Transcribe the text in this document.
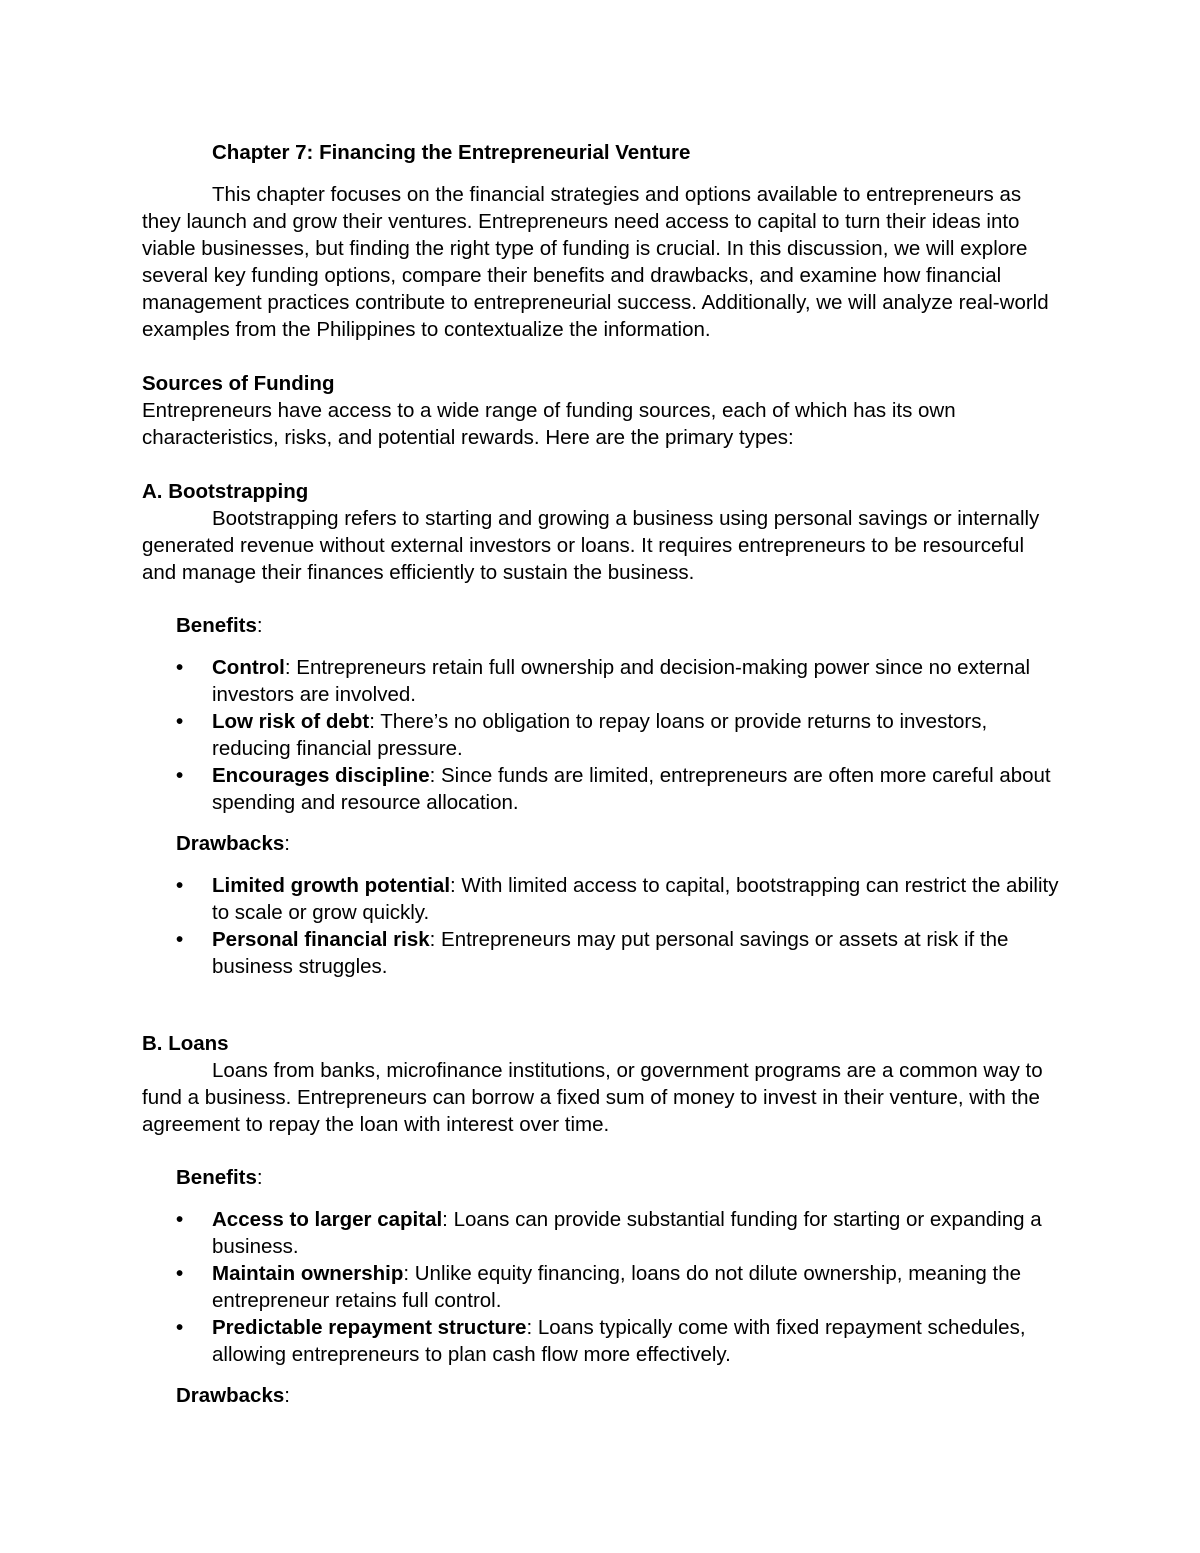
Chapter 7: Financing the Entrepreneurial Venture

This chapter focuses on the financial strategies and options available to entrepreneurs as they launch and grow their ventures. Entrepreneurs need access to capital to turn their ideas into viable businesses, but finding the right type of funding is crucial. In this discussion, we will explore several key funding options, compare their benefits and drawbacks, and examine how financial management practices contribute to entrepreneurial success. Additionally, we will analyze real-world examples from the Philippines to contextualize the information.

Sources of Funding

Entrepreneurs have access to a wide range of funding sources, each of which has its own characteristics, risks, and potential rewards. Here are the primary types:

A. Bootstrapping

Bootstrapping refers to starting and growing a business using personal savings or internally generated revenue without external investors or loans. It requires entrepreneurs to be resourceful and manage their finances efficiently to sustain the business.

Benefits:

• Control: Entrepreneurs retain full ownership and decision-making power since no external investors are involved.
• Low risk of debt: There’s no obligation to repay loans or provide returns to investors, reducing financial pressure.
• Encourages discipline: Since funds are limited, entrepreneurs are often more careful about spending and resource allocation.

Drawbacks:

• Limited growth potential: With limited access to capital, bootstrapping can restrict the ability to scale or grow quickly.
• Personal financial risk: Entrepreneurs may put personal savings or assets at risk if the business struggles.

B. Loans

Loans from banks, microfinance institutions, or government programs are a common way to fund a business. Entrepreneurs can borrow a fixed sum of money to invest in their venture, with the agreement to repay the loan with interest over time.

Benefits:

• Access to larger capital: Loans can provide substantial funding for starting or expanding a business.
• Maintain ownership: Unlike equity financing, loans do not dilute ownership, meaning the entrepreneur retains full control.
• Predictable repayment structure: Loans typically come with fixed repayment schedules, allowing entrepreneurs to plan cash flow more effectively.

Drawbacks:
